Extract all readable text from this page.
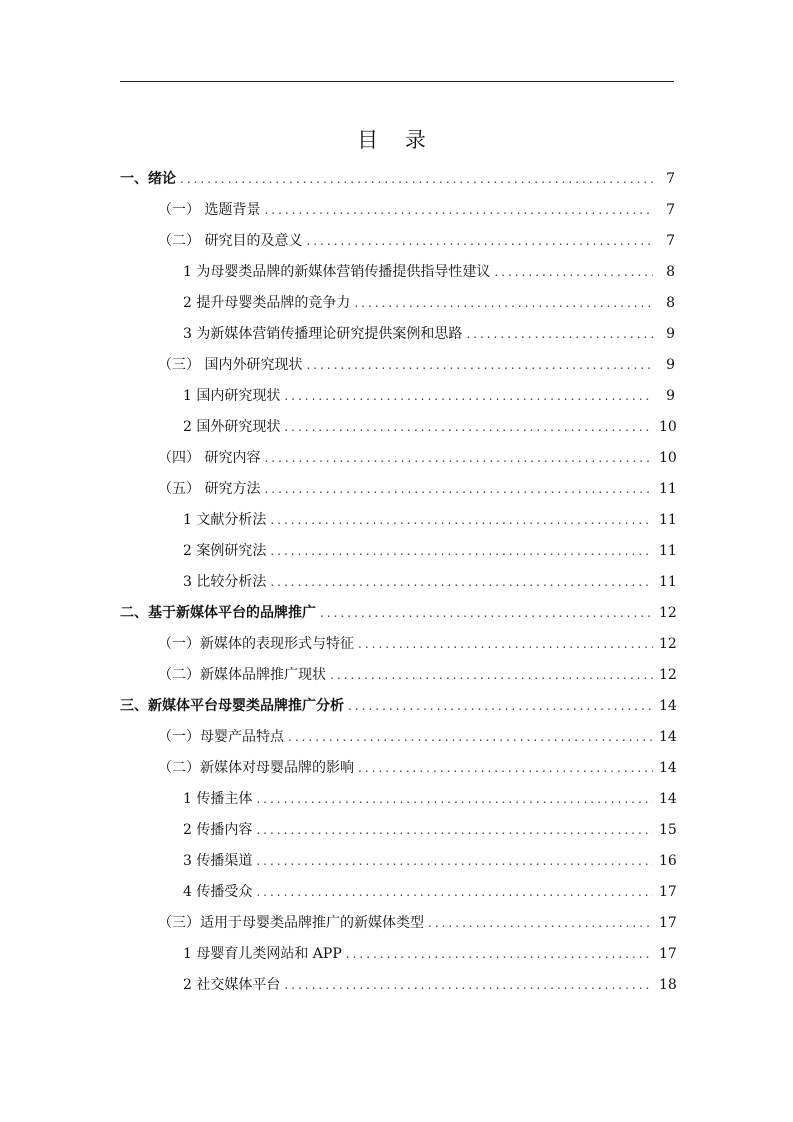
目 录
一、绪论 .....	7
（一） 选题背景 .....	7
（二） 研究目的及意义 .....	7
1 为母婴类品牌的新媒体营销传播提供指导性建议 .....	8
2 提升母婴类品牌的竞争力 .....	8
3 为新媒体营销传播理论研究提供案例和思路 .....	9
（三） 国内外研究现状 .....	9
1 国内研究现状 .....	9
2 国外研究现状 .....	10
（四） 研究内容 .....	10
（五） 研究方法 .....	11
1 文献分析法 .....	11
2 案例研究法 .....	11
3 比较分析法 .....	11
二、基于新媒体平台的品牌推广 .....	12
（一）新媒体的表现形式与特征 .....	12
（二）新媒体品牌推广现状 .....	12
三、新媒体平台母婴类品牌推广分析 .....	14
（一）母婴产品特点 .....	14
（二）新媒体对母婴品牌的影响 .....	14
1 传播主体 .....	14
2 传播内容 .....	15
3 传播渠道 .....	16
4 传播受众 .....	17
（三）适用于母婴类品牌推广的新媒体类型 .....	17
1 母婴育儿类网站和 APP .....	17
2 社交媒体平台 .....	18
